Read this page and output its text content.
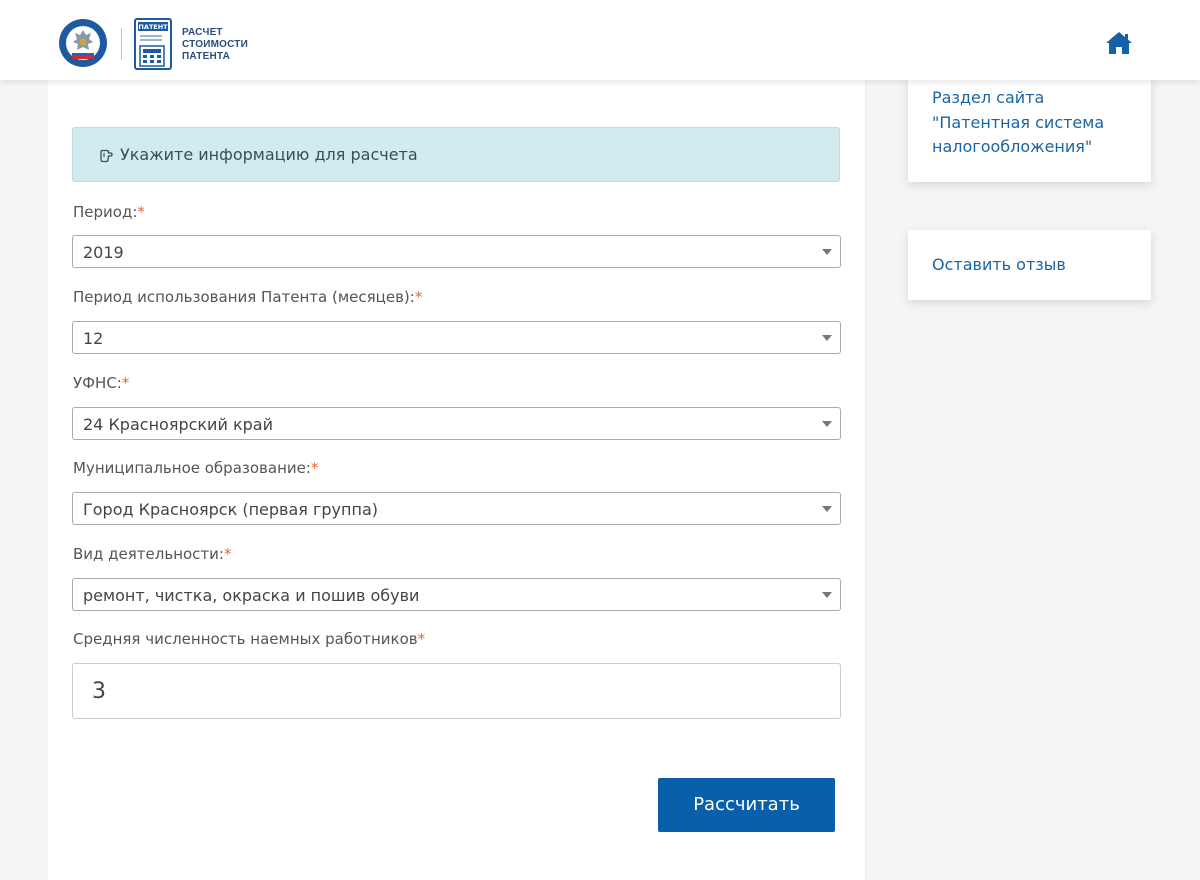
ПАТЕНТ РАСЧЕТ
СТОИМОСТИ
ПАТЕНТА
Укажите информацию для расчета
Период:*
2019
Период использования Патента (месяцев):*
12
УФНС:*
24 Красноярский край
Муниципальное образование:*
Город Красноярск (первая группа)
Вид деятельности:*
ремонт, чистка, окраска и пошив обуви
Средняя численность наемных работников*
3
Рассчитать
Раздел сайта
"Патентная система
налогообложения"
Оставить отзыв
